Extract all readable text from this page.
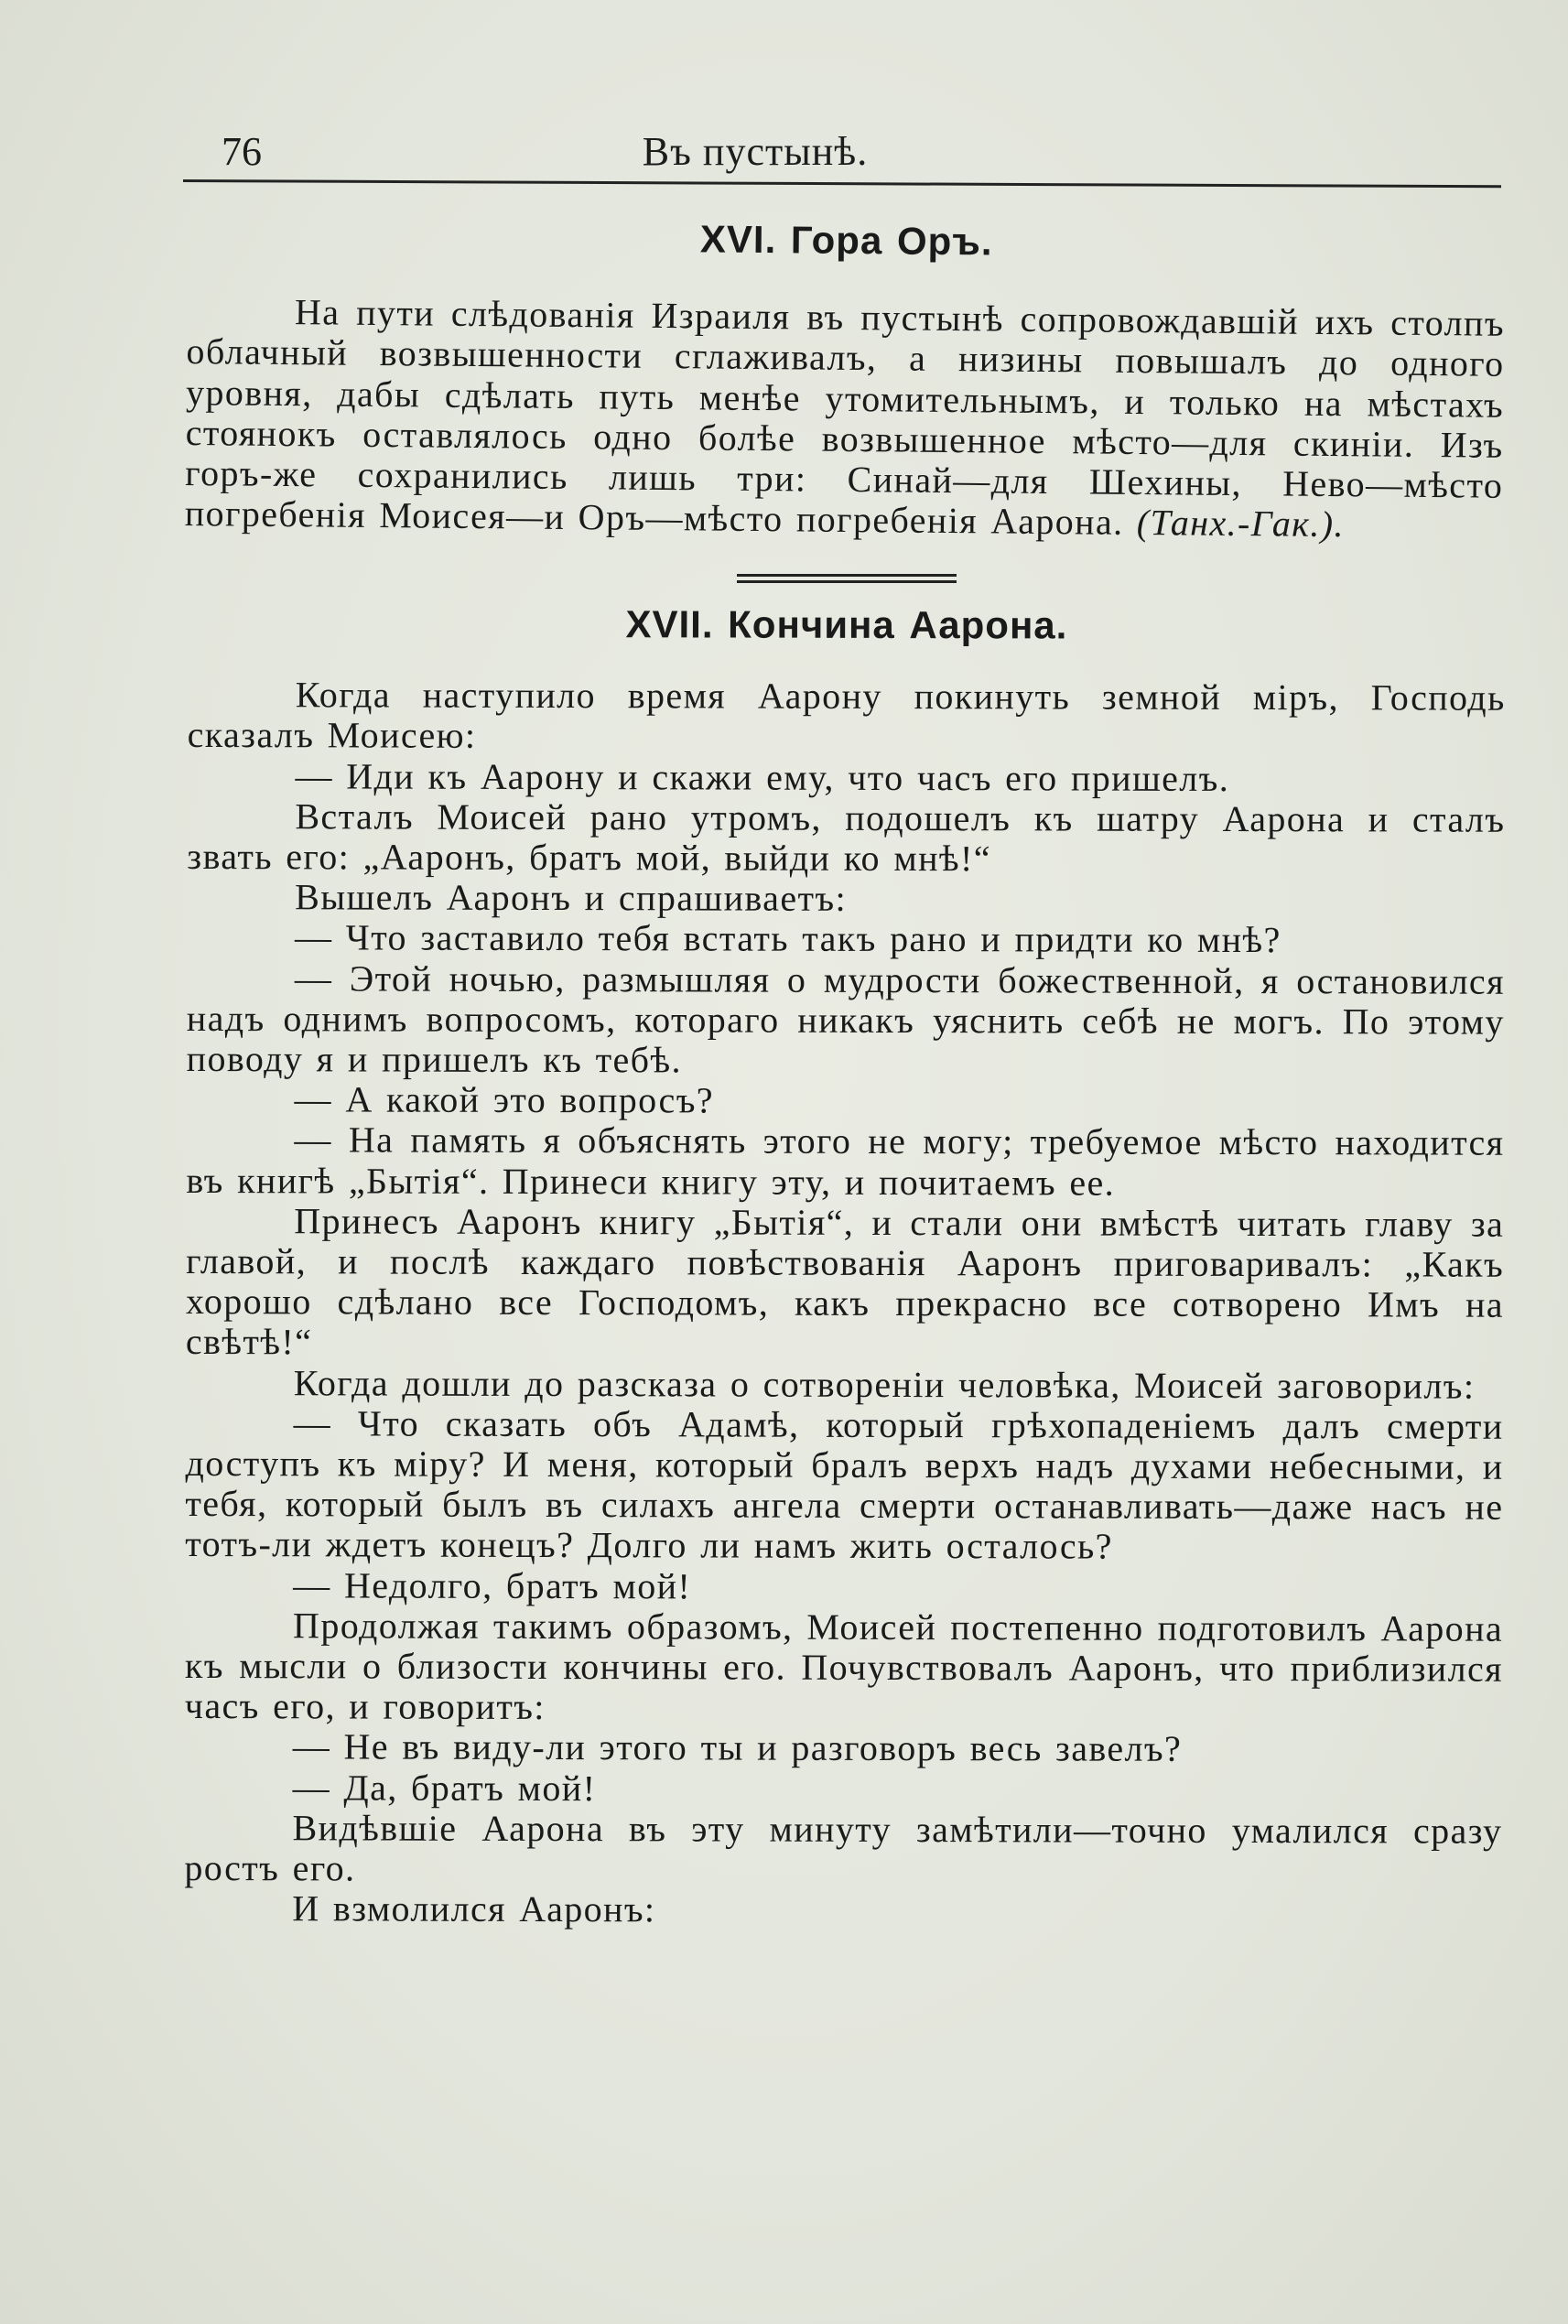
76	Въ пустынѣ.
XVI. Гора Оръ.

На пути слѣдованія Израиля въ пустынѣ сопровождавшій ихъ столпъ облачный возвышенности сглаживалъ, а низины повышалъ до одного уровня, дабы сдѣлать путь менѣе утомительнымъ, и только на мѣстахъ стоянокъ оставлялось одно болѣе возвышенное мѣсто—для скиніи. Изъ горъ-же сохранились лишь три: Синай—для Шехины, Нево—мѣсто погребенія Моисея—и Оръ—мѣсто погребенія Аарона. (Танх.-Гак.).

XVII. Кончина Аарона.

Когда наступило время Аарону покинуть земной міръ, Господь сказалъ Моисею:

— Иди къ Аарону и скажи ему, что часъ его пришелъ.

Всталъ Моисей рано утромъ, подошелъ къ шатру Аарона и сталъ звать его: „Ааронъ, братъ мой, выйди ко мнѣ!“

Вышелъ Ааронъ и спрашиваетъ:

— Что заставило тебя встать такъ рано и придти ко мнѣ?

— Этой ночью, размышляя о мудрости божественной, я остановился надъ однимъ вопросомъ, котораго никакъ уяснить себѣ не могъ. По этому поводу я и пришелъ къ тебѣ.

— А какой это вопросъ?

— На память я объяснять этого не могу; требуемое мѣсто находится въ книгѣ „Бытія“. Принеси книгу эту, и почитаемъ ее.

Принесъ Ааронъ книгу „Бытія“, и стали они вмѣстѣ читать главу за главой, и послѣ каждаго повѣствованія Ааронъ приговаривалъ: „Какъ хорошо сдѣлано все Господомъ, какъ прекрасно все сотворено Имъ на свѣтѣ!“

Когда дошли до разсказа о сотвореніи человѣка, Моисей заговорилъ:

— Что сказать объ Адамѣ, который грѣхопаденіемъ далъ смерти доступъ къ міру? И меня, который бралъ верхъ надъ духами небесными, и тебя, который былъ въ силахъ ангела смерти останавливать—даже насъ не тотъ-ли ждетъ конецъ? Долго ли намъ жить осталось?

— Недолго, братъ мой!

Продолжая такимъ образомъ, Моисей постепенно подготовилъ Аарона къ мысли о близости кончины его. Почувствовалъ Ааронъ, что приблизился часъ его, и говоритъ:

— Не въ виду-ли этого ты и разговоръ весь завелъ?

— Да, братъ мой!

Видѣвшіе Аарона въ эту минуту замѣтили—точно умалился сразу ростъ его.

И взмолился Ааронъ:
